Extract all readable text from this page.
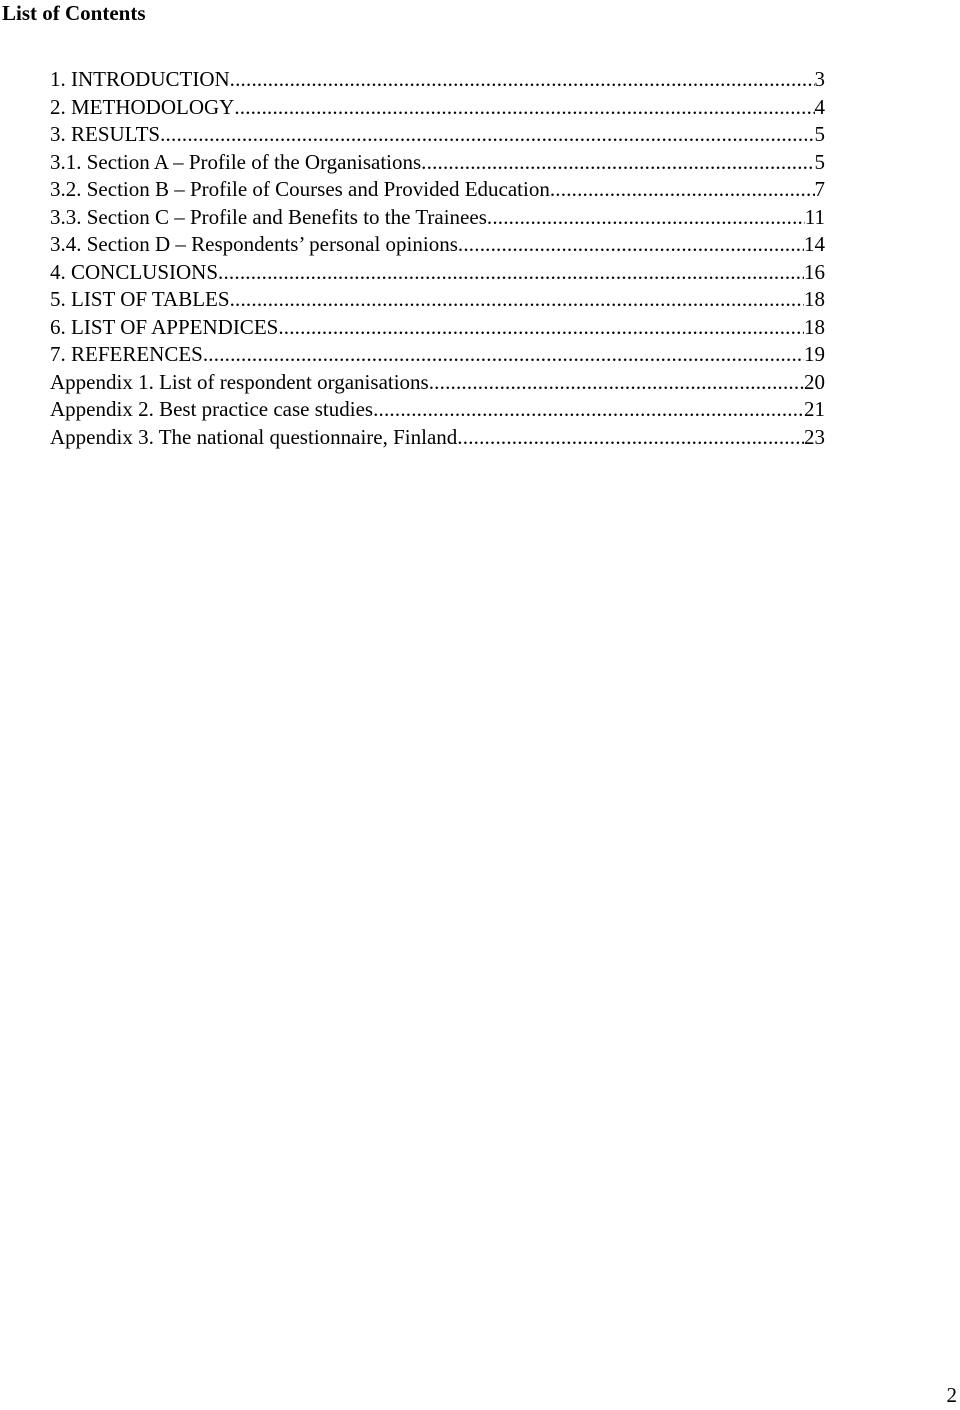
List of Contents
1. INTRODUCTION .....	3
2. METHODOLOGY .....	4
3. RESULTS .....	5
3.1. Section A – Profile of the Organisations .....	5
3.2. Section B – Profile of Courses and Provided Education .....	7
3.3. Section C – Profile and Benefits to the Trainees .....	11
3.4. Section D – Respondents’ personal opinions .....	14
4. CONCLUSIONS .....	16
5. LIST OF TABLES .....	18
6. LIST OF APPENDICES .....	18
7. REFERENCES .....	19
Appendix 1. List of respondent organisations .....	20
Appendix 2. Best practice case studies .....	21
Appendix 3. The national questionnaire, Finland .....	23
2
